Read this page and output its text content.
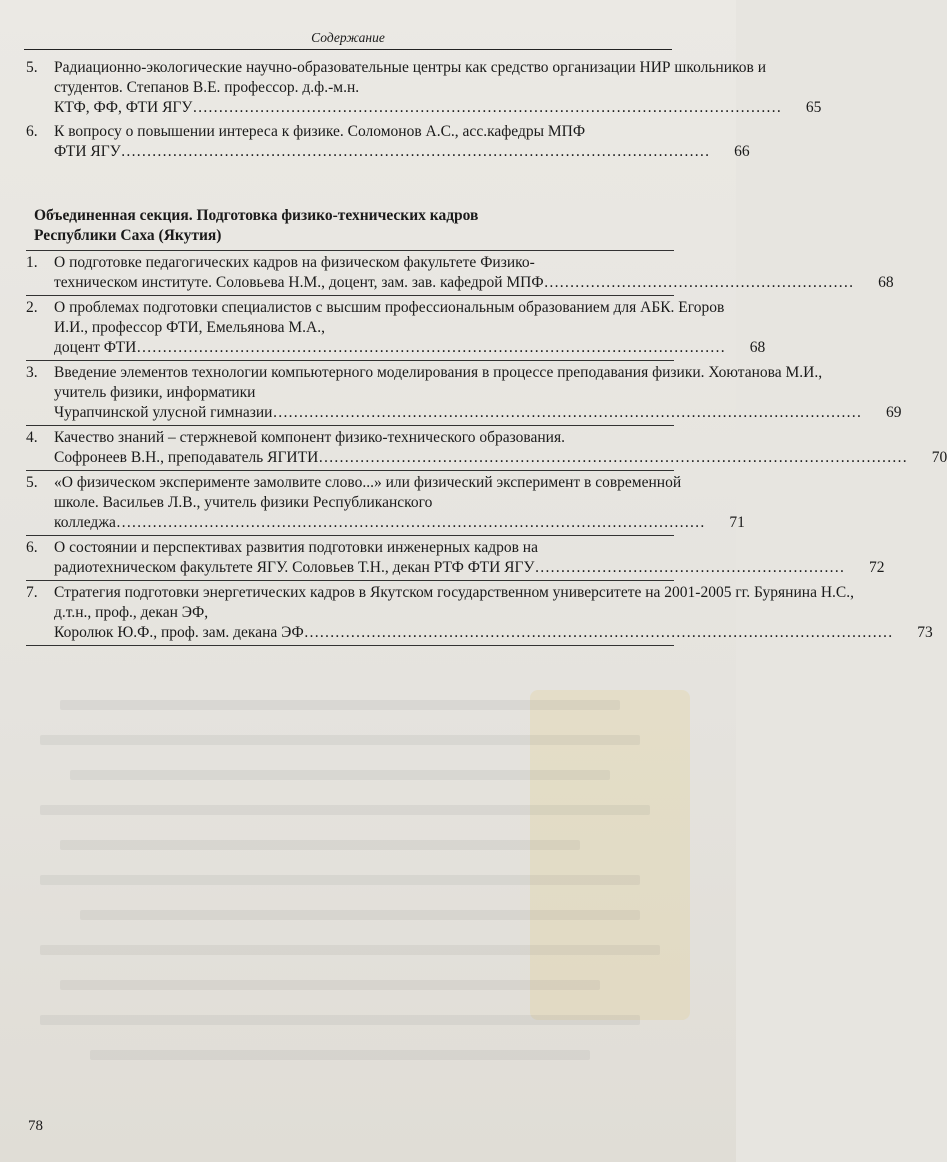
Содержание
5.	Радиационно-экологические научно-образовательные центры как средство организации НИР школьников и студентов. Степанов В.Е. профессор. д.ф.-м.н.
КТФ, ФФ, ФТИ ЯГУ ……………………………………………………………………………………………………	65
6.	К вопросу о повышении интереса к физике. Соломонов А.С., асс.кафедры МПФ
ФТИ ЯГУ ……………………………………………………………………………………………………	66
Объединенная секция. Подготовка физико-технических кадров
Республики Саха (Якутия)
1.	О подготовке педагогических кадров на физическом факультете Физико-
техническом институте. Соловьева Н.М., доцент, зам. зав. кафедрой МПФ ……………………………………………………	68
2.	О проблемах подготовки специалистов с высшим профессиональным образованием для АБК. Егоров И.И., профессор ФТИ, Емельянова М.А.,
доцент ФТИ ……………………………………………………………………………………………………	68
3.	Введение элементов технологии компьютерного моделирования в процессе преподавания физики. Хоютанова М.И., учитель физики, информатики
Чурапчинской улусной гимназии ……………………………………………………………………………………………………	69
4.	Качество знаний – стержневой компонент физико-технического образования.
Софронеев В.Н., преподаватель ЯГИТИ ……………………………………………………………………………………………………	70
5.	«О физическом эксперименте замолвите слово...» или физический эксперимент в современной школе. Васильев Л.В., учитель физики Республиканского
колледжа ……………………………………………………………………………………………………	71
6.	О состоянии и перспективах развития подготовки инженерных кадров на
радиотехническом факультете ЯГУ. Соловьев Т.Н., декан РТФ ФТИ ЯГУ ……………………………………………………	72
7.	Стратегия подготовки энергетических кадров в Якутском государственном университете на 2001-2005 гг. Бурянина Н.С., д.т.н., проф., декан ЭФ,
Королюк Ю.Ф., проф. зам. декана ЭФ ……………………………………………………………………………………………………	73
78
